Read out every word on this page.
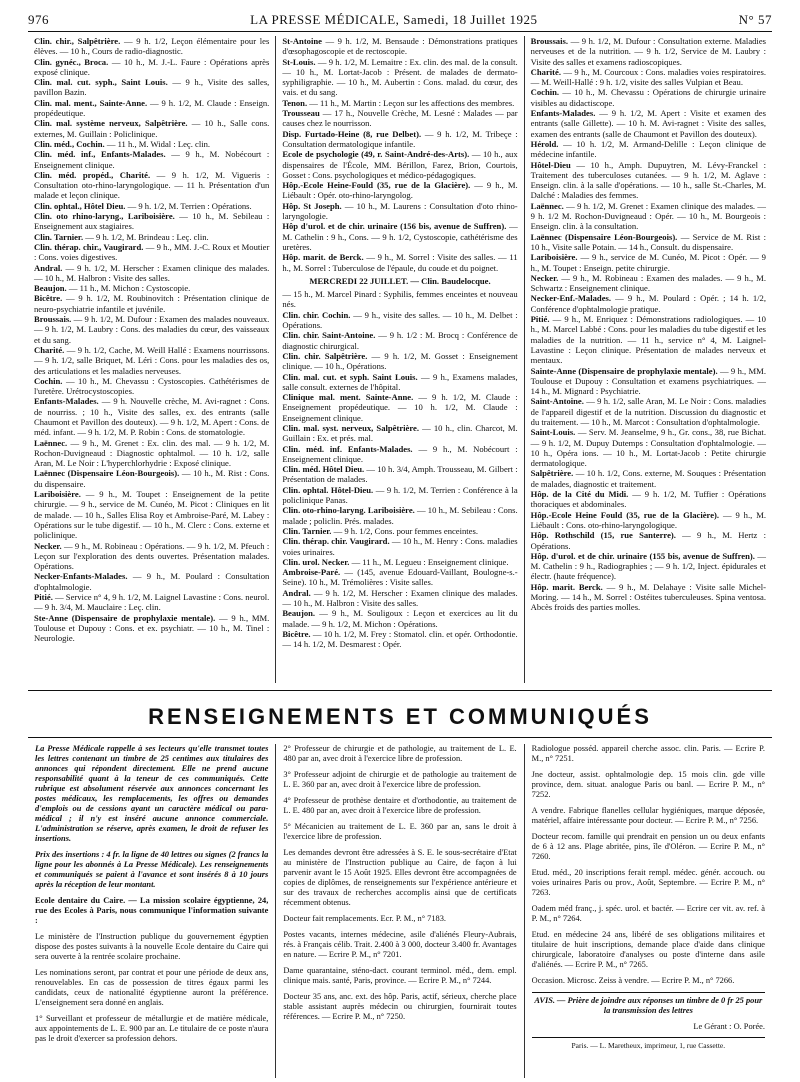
976	LA PRESSE MÉDICALE, Samedi, 18 Juillet 1925	N° 57

Clin. chir., Salpêtrière. — 9 h. 1/2, Leçon élémentaire pour les élèves. — 10 h., Cours de radio-diagnostic.

Clin. gynéc., Broca. — 10 h., M. J.-L. Faure : Opérations après exposé clinique.

Clin. mal. cut. syph., Saint Louis. — 9 h., Visite des salles, pavillon Bazin.

Clin. mal. ment., Sainte-Anne. — 9 h. 1/2, M. Claude : Enseign. propédeutique.

Clin. mal. système nerveux, Salpêtrière. — 10 h., Salle cons. externes, M. Guillain : Policlinique.

Clin. méd., Cochin. — 11 h., M. Widal : Leç. clin.

Clin. méd. inf., Enfants-Malades. — 9 h., M. Nobécourt : Enseignement clinique.

Clin. méd. propéd., Charité. — 9 h. 1/2, M. Vigueris : Consultation oto-rhino-laryngologique. — 11 h. Présentation d'un malade et leçon clinique.

Clin. ophtal., Hôtel Dieu. — 9 h. 1/2, M. Terrien : Opérations.

Clin. oto rhino-laryng., Lariboisière. — 10 h., M. Sebileau : Enseignement aux stagiaires.

Clin. Tarnier. — 9 h. 1/2, M. Brindeau : Leç. clin.

Clin. thérap. chir., Vaugirard. — 9 h., MM. J.-C. Roux et Moutier : Cons. voies digestives.

Andral. — 9 h. 1/2, M. Herscher : Examen clinique des malades. — 10 h., M. Halbron : Visite des salles.

Beaujon. — 11 h., M. Michon : Cystoscopie.

Bicêtre. — 9 h. 1/2, M. Roubinovitch : Présentation clinique de neuro-psychiatrie infantile et juvénile.

Broussais. — 9 h. 1/2, M. Dufour : Examen des malades nouveaux. — 9 h. 1/2, M. Laubry : Cons. des maladies du cœur, des vaisseaux et du sang.

Charité. — 9 h. 1/2, Cache, M. Weill Hallé : Examens nourrissons. — 9 h. 1/2, salle Briquet, M. Léri : Cons. pour les maladies des os, des articulations et les maladies nerveuses.

Cochin. — 10 h., M. Chevassu : Cystoscopies. Cathétérismes de l'uretère. Urétrocystoscopies.

Enfants-Malades. — 9 h. Nouvelle crèche, M. Avi-ragnet : Cons. de nourriss. ; 10 h., Visite des salles, ex. des entrants (salle Chaumont et Pavillon des douteux). — 9 h. 1/2, M. Apert : Cons. de méd. infant. — 9 h. 1/2, M. P. Robin : Cons. de stomatologie.

Laënnec. — 9 h., M. Grenet : Ex. clin. des mal. — 9 h. 1/2, M. Rochon-Duvigneaud : Diagnostic ophtalmol. — 10 h. 1/2, salle Aran, M. Le Noir : L'hyperchlorhydrie : Exposé clinique.

Laënnec (Dispensaire Léon-Bourgeois). — 10 h., M. Rist : Cons. du dispensaire.

Lariboisière. — 9 h., M. Toupet : Enseignement de la petite chirurgie. — 9 h., service de M. Cunéo, M. Picot : Cliniques en lit de malade. — 10 h., Salles Elisa Roy et Ambroise-Paré, M. Labey : Opérations sur le tube digestif. — 10 h., M. Clerc : Cons. externe et policlinique.

Necker. — 9 h., M. Robineau : Opérations. — 9 h. 1/2, M. Pfeuch : Leçon sur l'exploration des dents ouvertes. Présentation malades. Opérations.

Necker-Enfants-Malades. — 9 h., M. Poulard : Consultation d'ophtalmologie.

Pitié. — Service n° 4, 9 h. 1/2, M. Laignel Lavastine : Cons. neurol. — 9 h. 3/4, M. Mauclaire : Leç. clin.

Ste-Anne (Dispensaire de prophylaxie mentale). — 9 h., MM. Toulouse et Dupouy : Cons. et ex. psychiatr. — 10 h., M. Tinel : Neurologie.

St-Antoine — 9 h. 1/2, M. Bensaude : Démonstrations pratiques d'œsophagoscopie et de rectoscopie.

St-Louis. — 9 h. 1/2, M. Lemaitre : Ex. clin. des mal. de la consult. — 10 h., M. Lortat-Jacob : Présent. de malades de dermato-syphiligraphie. — 10 h., M. Aubertin : Cons. malad. du cœur, des vais. et du sang.

Tenon. — 11 h., M. Martin : Leçon sur les affections des membres.

Trousseau — 17 h., Nouvelle Crèche, M. Lesné : Malades — par causes chez le nourrisson.

Disp. Furtado-Heine (8, rue Delbet). — 9 h. 1/2, M. Tribeçe : Consultation dermatologique infantile.

Ecole de psychologie (49, r. Saint-André-des-Arts). — 10 h., aux dispensaires de l'École, MM. Bérillon, Farez, Brion, Courtois, Gosset : Cons. psychologiques et médico-pédagogiques.

Hôp.-Ecole Heine-Fould (35, rue de la Glacière). — 9 h., M. Liébault : Opér. oto-rhino-laryngolog.

Hôp. St Joseph. — 10 h., M. Laurens : Consultation d'oto rhino-laryngologie.

Hôp d'urol. et de chir. urinaire (156 bis, avenue de Suffren). — M. Cathelin : 9 h., Cons. — 9 h. 1/2, Cystoscopie, cathétérisme des uretères.

Hôp. marit. de Berck. — 9 h., M. Sorrel : Visite des salles. — 11 h., M. Sorrel : Tuberculose de l'épaule, du coude et du poignet.

MERCREDI 22 JUILLET. — Clin. Baudelocque.

— 15 h., M. Marcel Pinard : Syphilis, femmes enceintes et nouveau nés.

Clin. chir. Cochin. — 9 h., visite des salles. — 10 h., M. Delbet : Opérations.

Clin. chir. Saint-Antoine. — 9 h. 1/2 : M. Brocq : Conférence de diagnostic chirurgical.

Clin. chir. Salpêtrière. — 9 h. 1/2, M. Gosset : Enseignement clinique. — 10 h., Opérations.

Clin. mal. cut. et syph. Saint Louis. — 9 h., Examens malades, salle consult. externes de l'hôpital.

Clinique mal. ment. Sainte-Anne. — 9 h. 1/2, M. Claude : Enseignement propédeutique. — 10 h. 1/2, M. Claude : Enseignement clinique.

Clin. mal. syst. nerveux, Salpêtrière. — 10 h., clin. Charcot, M. Guillain : Ex. et prés. mal.

Clin. méd. inf. Enfants-Malades. — 9 h., M. Nobécourt : Enseignement clinique.

Clin. méd. Hôtel Dieu. — 10 h. 3/4, Amph. Trousseau, M. Gilbert : Présentation de malades.

Clin. ophtal. Hôtel-Dieu. — 9 h. 1/2, M. Terrien : Conférence à la policlinique Panas.

Clin. oto-rhino-laryng. Lariboisière. — 10 h., M. Sebileau : Cons. malade ; policlin. Prés. malades.

Clin. Tarnier. — 9 h. 1/2, Cons. pour femmes enceintes.

Clin. thérap. chir. Vaugirard. — 10 h., M. Henry : Cons. maladies voies urinaires.

Clin. urol. Necker. — 11 h., M. Legueu : Enseignement clinique.

Ambroise-Paré. — (145, avenue Edouard-Vaillant, Boulogne-s.-Seine). 10 h., M. Trémolières : Visite salles.

Andral. — 9 h. 1/2, M. Herscher : Examen clinique des malades. — 10 h., M. Halbron : Visite des salles.

Beaujon. — 9 h., M. Souligoux : Leçon et exercices au lit du malade. — 9 h. 1/2, M. Michon : Opérations.

Bicêtre. — 10 h. 1/2, M. Frey : Stomatol. clin. et opér. Orthodontie. — 14 h. 1/2, M. Desmarest : Opér.

Broussais. — 9 h. 1/2, M. Dufour : Consultation externe. Maladies nerveuses et de la nutrition. — 9 h. 1/2, Service de M. Laubry : Visite des salles et examens radioscopiques.

Charité. — 9 h., M. Courcoux : Cons. maladies voies respiratoires. — M. Weill-Hallé : 9 h. 1/2, visite des salles Vulpian et Beau.

Cochin. — 10 h., M. Chevassu : Opérations de chirurgie urinaire visibles au didactiscope.

Enfants-Malades. — 9 h. 1/2, M. Apert : Visite et examen des entrants (salle Gillette). — 10 h. M. Avi-ragnet : Visite des salles, examen des entrants (salle de Chaumont et Pavillon des douteux).

Hérold. — 10 h. 1/2, M. Armand-Delille : Leçon clinique de médecine infantile.

Hôtel-Dieu — 10 h., Amph. Dupuytren, M. Lévy-Franckel : Traitement des tuberculoses cutanées. — 9 h. 1/2, M. Aglave : Enseign. clin. à la salle d'opérations. — 10 h., salle St.-Charles, M. Dalché : Maladies des femmes.

Laënnec. — 9 h. 1/2, M. Grenet : Examen clinique des malades. — 9 h. 1/2 M. Rochon-Duvigneaud : Opér. — 10 h., M. Bourgeois : Enseign. clin. à la consultation.

Laënnec (Dispensaire Léon-Bourgeois). — Service de M. Rist : 10 h., Visite salle Potain. — 14 h., Consult. du dispensaire.

Lariboisière. — 9 h., service de M. Cunéo, M. Picot : Opér. — 9 h., M. Toupet : Enseign. petite chirurgie.

Necker. — 9 h., M. Robineau : Examen des malades. — 9 h., M. Schwartz : Enseignement clinique.

Necker-Enf.-Malades. — 9 h., M. Poulard : Opér. ; 14 h. 1/2, Conférence d'ophtalmologie pratique.

Pitié. — 9 h., M. Enriquez : Démonstrations radiologiques. — 10 h., M. Marcel Labbé : Cons. pour les maladies du tube digestif et les maladies de la nutrition. — 11 h., service n° 4, M. Laignel-Lavastine : Leçon clinique. Présentation de malades nerveux et mentaux.

Sainte-Anne (Dispensaire de prophylaxie mentale). — 9 h., MM. Toulouse et Dupouy : Consultation et examens psychiatriques. — 14 h., M. Mignard : Psychiatrie.

Saint-Antoine. — 9 h. 1/2, salle Aran, M. Le Noir : Cons. maladies de l'appareil digestif et de la nutrition. Discussion du diagnostic et du traitement. — 10 h., M. Marcot : Consultation d'ophtalmologie.

Saint-Louis. — Serv. M. Jeanselme, 9 h., Gr. cons., 38, rue Bichat. — 9 h. 1/2, M. Dupuy Dutemps : Consultation d'ophtalmologie. — 10 h., Opéra ions. — 10 h., M. Lortat-Jacob : Petite chirurgie dermatologique.

Salpêtrière. — 10 h. 1/2, Cons. externe, M. Souques : Présentation de malades, diagnostic et traitement.

Hôp. de la Cité du Midi. — 9 h. 1/2, M. Tuffier : Opérations thoraciques et abdominales.

Hôp.-Ecole Heine Fould (35, rue de la Glacière). — 9 h., M. Liébault : Cons. oto-rhino-laryngologique.

Hôp. Rothschild (15, rue Santerre). — 9 h., M. Hertz : Opérations.

Hôp. d'urol. et de chir. urinaire (155 bis, avenue de Suffren). — M. Cathelin : 9 h., Radiographies ; — 9 h. 1/2, Inject. épidurales et électr. (haute fréquence).

Hôp. marit. Berck. — 9 h., M. Delahaye : Visite salle Michel-Moring. — 14 h., M. Sorrel : Ostéites tuberculeuses. Spina ventosa. Abcès froids des parties molles.

RENSEIGNEMENTS ET COMMUNIQUÉS

La Presse Médicale rappelle à ses lecteurs qu'elle transmet toutes les lettres contenant un timbre de 25 centimes aux titulaires des annonces qui répondent directement. Elle ne prend aucune responsabilité quant à la teneur de ces communiqués. Cette rubrique est absolument réservée aux annonces concernant les postes médicaux, les remplacements, les offres ou demandes d'emplois ou de cessions ayant un caractère médical ou para-médical ; il n'y est inséré aucune annonce commerciale. L'administration se réserve, après examen, le droit de refuser les insertions.

Prix des insertions : 4 fr. la ligne de 40 lettres ou signes (2 francs la ligne pour les abonnés à La Presse Médicale). Les renseignements et communiqués se paient à l'avance et sont insérés 8 à 10 jours après la réception de leur montant.

Ecole dentaire du Caire. — La mission scolaire égyptienne, 24, rue des Ecoles à Paris, nous communique l'information suivante :

Le ministère de l'Instruction publique du gouvernement égyptien dispose des postes suivants à la nouvelle Ecole dentaire du Caire qui sera ouverte à la rentrée scolaire prochaine.

Les nominations seront, par contrat et pour une période de deux ans, renouvelables. En cas de possession de titres égaux parmi les candidats, ceux de nationalité égyptienne auront la préférence. L'enseignement sera donné en anglais.

1° Surveillant et professeur de métallurgie et de matière médicale, aux appointements de L. E. 900 par an. Le titulaire de ce poste n'aura pas le droit d'exercer sa profession dehors.

2° Professeur de chirurgie et de pathologie, au traitement de L. E. 480 par an, avec droit à l'exercice libre de profession.

3° Professeur adjoint de chirurgie et de pathologie au traitement de L. E. 360 par an, avec droit à l'exercice libre de profession.

4° Professeur de prothèse dentaire et d'orthodontie, au traitement de L. E. 480 par an, avec droit à l'exercice libre de profession.

5° Mécanicien au traitement de L. E. 360 par an, sans le droit à l'exercice libre de profession.

Les demandes devront être adressées à S. E. le sous-secrétaire d'Etat au ministère de l'Instruction publique au Caire, de façon à lui parvenir avant le 15 Août 1925. Elles devront être accompagnées de copies de diplômes, de renseignements sur l'expérience antérieure et sur des travaux de recherches accomplis ainsi que de certificats récemment obtenus.

Docteur fait remplacements. Ecr. P. M., n° 7183.

Postes vacants, internes médecine, asile d'aliénés Fleury-Aubrais, rés. à Français célib. Trait. 2.400 à 3 000, docteur 3.400 fr. Avantages en nature. — Ecrire P. M., n° 7201.

Dame quarantaine, sténo-dact. courant terminol. méd., dem. empl. clinique mais. santé, Paris, province. — Ecrire P. M., n° 7244.

Docteur 35 ans, anc. ext. des hôp. Paris, actif, sérieux, cherche place stable assistant auprès médecin ou chirurgien, fournirait toutes références. — Ecrire P. M., n° 7250.

Radiologue posséd. appareil cherche assoc. clin. Paris. — Ecrire P. M., n° 7251.

Jne docteur, assist. ophtalmologie dep. 15 mois clin. gde ville province, dem. situat. analogue Paris ou banl. — Ecrire P. M., n° 7252.

A vendre. Fabrique flanelles cellular hygiéniques, marque déposée, matériel, affaire intéressante pour docteur. — Ecrire P. M., n° 7256.

Docteur recom. famille qui prendrait en pension un ou deux enfants de 6 à 12 ans. Plage abritée, pins, île d'Oléron. — Ecrire P. M., n° 7260.

Etud. méd., 20 inscriptions ferait rempl. médec. génér. accouch. ou voies urinaires Paris ou prov., Août, Septembre. — Ecrire P. M., n° 7263.

Oadem méd franç., j. spéc. urol. et bactér. — Ecrire cer vit. av. ref. à P. M., n° 7264.

Etud. en médecine 24 ans, libéré de ses obligations militaires et titulaire de huit inscriptions, demande place d'aide dans clinique chirurgicale, laboratoire d'analyses ou poste d'interne dans asile d'aliénés. — Ecrire P. M., n° 7265.

Occasion. Microsc. Zeiss à vendre. — Ecrire P. M., n° 7266.

AVIS. — Prière de joindre aux réponses un timbre de 0 fr 25 pour la transmission des lettres
Le Gérant : O. Porée.
Paris. — L. Maretheux, imprimeur, 1, rue Cassette.
